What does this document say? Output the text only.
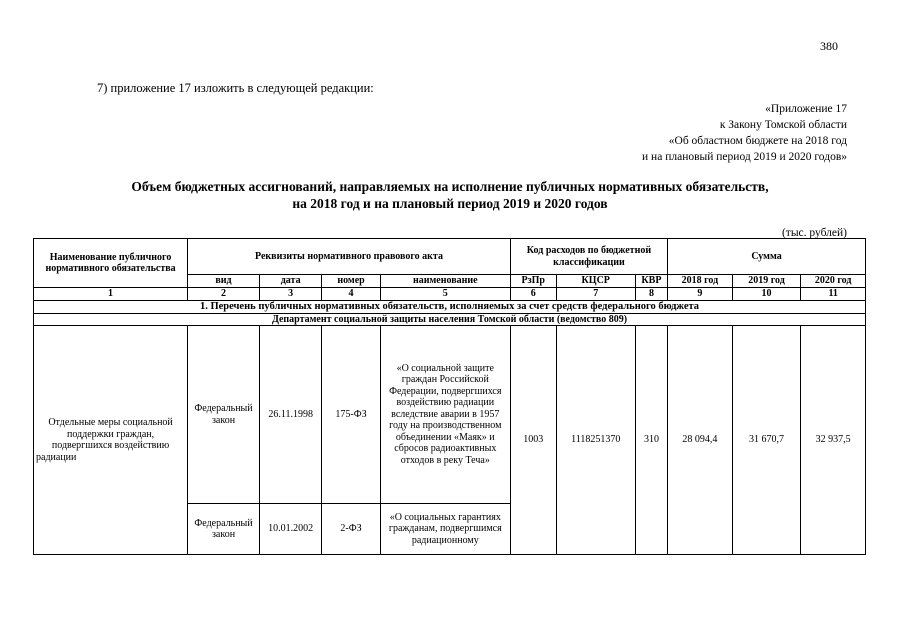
380
7) приложение 17 изложить в следующей редакции:
«Приложение 17
к Закону Томской области
«Об областном бюджете на 2018 год
и на плановый период 2019 и 2020 годов»
Объем бюджетных ассигнований, направляемых на исполнение публичных нормативных обязательств,
на 2018 год и на плановый период 2019 и 2020 годов
(тыс. рублей)
Наименование публичного нормативного обязательства	Реквизиты нормативного правового акта				Код расходов по бюджетной классификации			Сумма		
	вид	дата	номер	наименование	РзПр	КЦСР	КВР	2018 год	2019 год	2020 год
1	2	3	4	5	6	7	8	9	10	11
1. Перечень публичных нормативных обязательств, исполняемых за счет средств федерального бюджета										
Департамент социальной защиты населения Томской области (ведомство 809)										
Отдельные меры социальной поддержки граждан, подвергшихся воздействию радиации	Федеральный закон	26.11.1998	175-ФЗ	«О социальной защите граждан Российской Федерации, подвергшихся воздействию радиации вследствие аварии в 1957 году на производственном объединении «Маяк» и сбросов радиоактивных отходов в реку Теча»	1003	1118251370	310	28 094,4	31 670,7	32 937,5
	Федеральный закон	10.01.2002	2-ФЗ	«О социальных гарантиях гражданам, подвергшимся радиационному						
